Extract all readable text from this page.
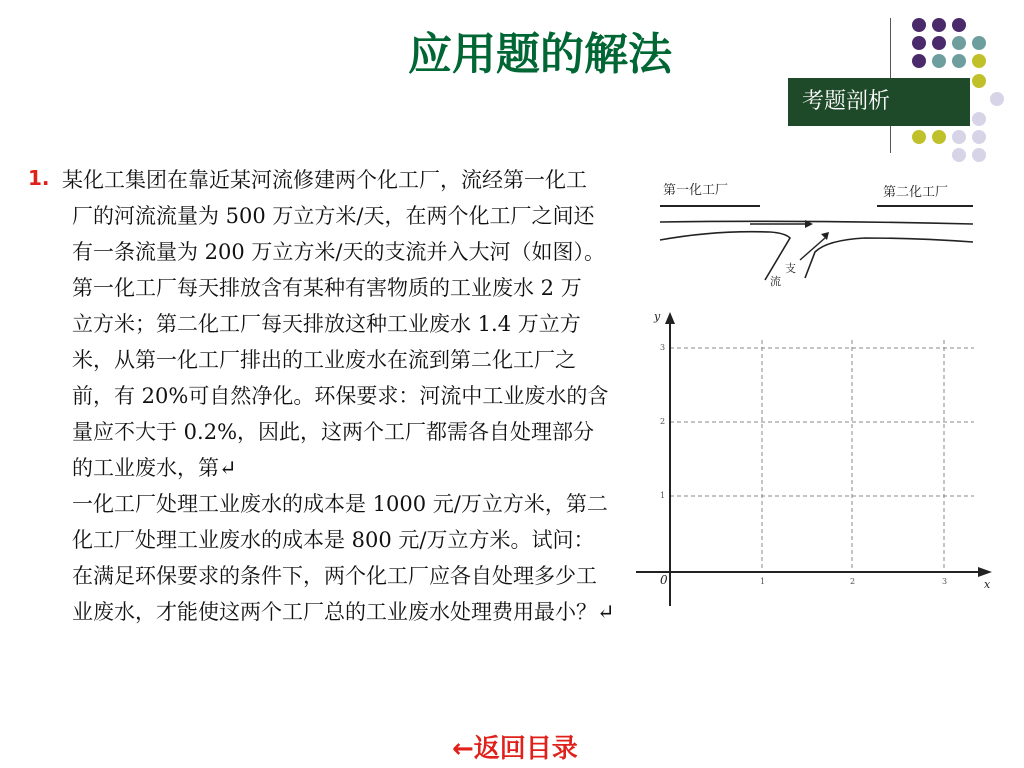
应用题的解法
考题剖析
1. 某化工集团在靠近某河流修建两个化工厂，流经第一化工
厂的河流流量为 500 万立方米/天，在两个化工厂之间还
有一条流量为 200 万立方米/天的支流并入大河（如图）。
第一化工厂每天排放含有某种有害物质的工业废水 2 万
立方米；第二化工厂每天排放这种工业废水 1.4 万立方
米，从第一化工厂排出的工业废水在流到第二化工厂之
前，有 20%可自然净化。环保要求：河流中工业废水的含
量应不大于 0.2%，因此，这两个工厂都需各自处理部分
的工业废水，第↵
一化工厂处理工业废水的成本是 1000 元/万立方米，第二
化工厂处理工业废水的成本是 800 元/万立方米。试问：
在满足环保要求的条件下，两个化工厂应各自处理多少工
业废水，才能使这两个工厂总的工业废水处理费用最小？↵
第一化工厂	第二化工厂
支
流
y
x
0	1	2	3
1
2
3
←返回目录
